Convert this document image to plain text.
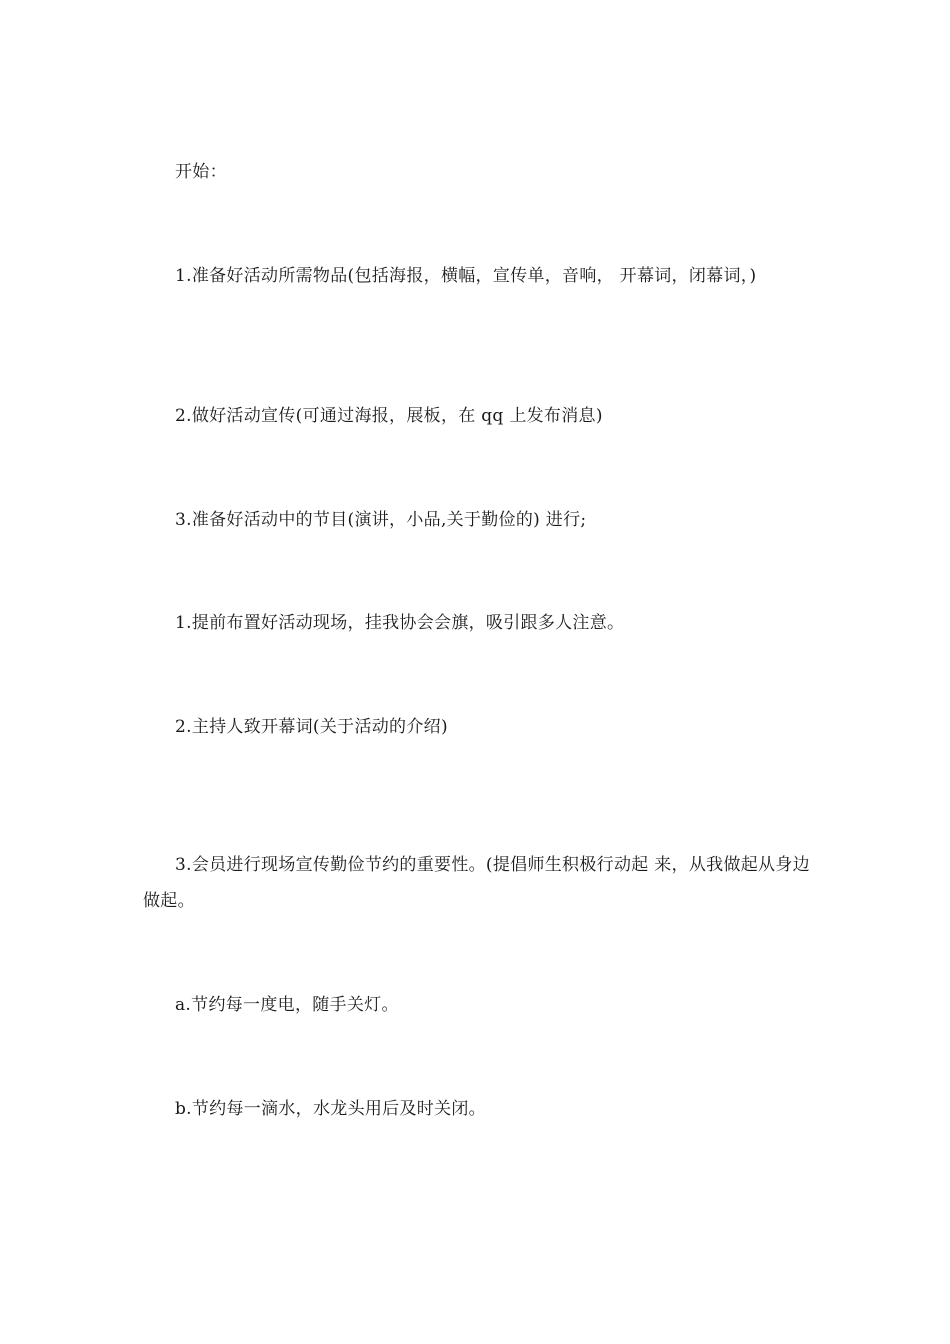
开始：

1.准备好活动所需物品(包括海报，横幅，宣传单，音响， 开幕词，闭幕词，)

2.做好活动宣传(可通过海报，展板，在 qq 上发布消息)

3.准备好活动中的节目(演讲，小品,关于勤俭的) 进行;

1.提前布置好活动现场，挂我协会会旗，吸引跟多人注意。

2.主持人致开幕词(关于活动的介绍)

3.会员进行现场宣传勤俭节约的重要性。(提倡师生积极行动起 来，从我做起从身边做起。

a.节约每一度电，随手关灯。

b.节约每一滴水，水龙头用后及时关闭。
